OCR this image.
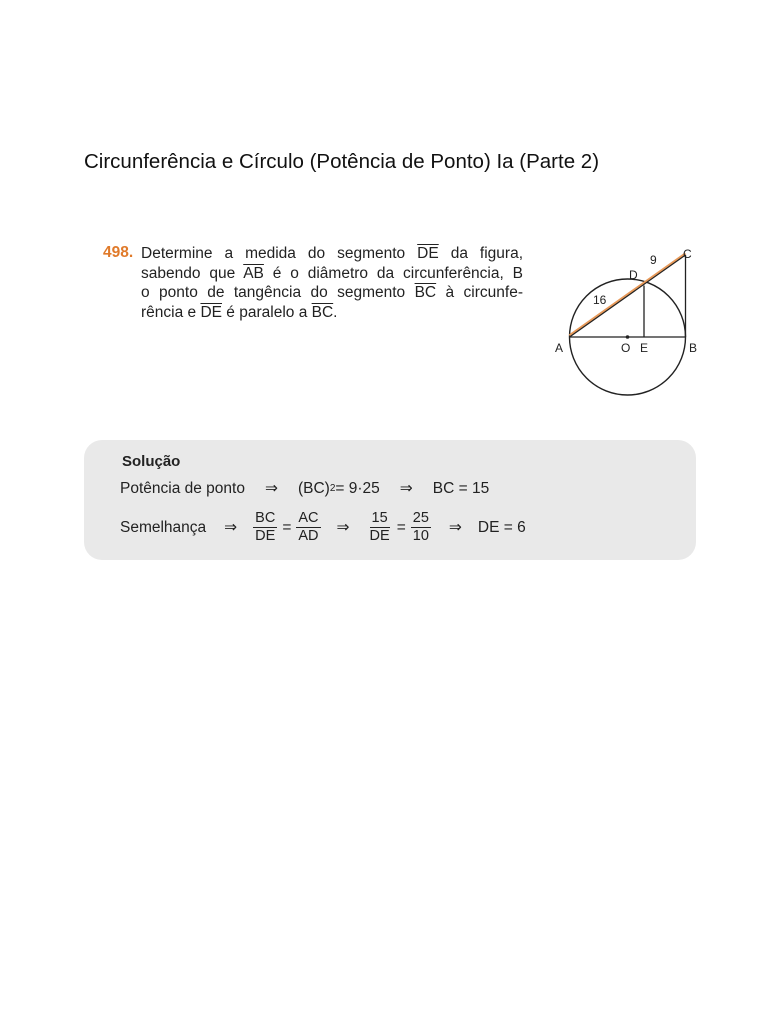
Circunferência e Círculo (Potência de Ponto) Ia (Parte 2)
498. Determine a medida do segmento $\overline{DE}$ da figura,
sabendo que $\overline{AB}$ é o diâmetro da circunferência, B
o ponto de tangência do segmento $\overline{BC}$ à circunfe-
rência e $\overline{DE}$ é paralelo a $\overline{BC}$.
A	B
C
D
O E
16
9
Solução
Potência de ponto ⇒ (BC) 2 = 9·25 ⇒ BC = 15
Semelhança ⇒ $\frac{BC}{DE} = \frac{AC}{AD}$ ⇒ $\frac{15}{DE} = \frac{25}{10}$ ⇒ DE = 6
